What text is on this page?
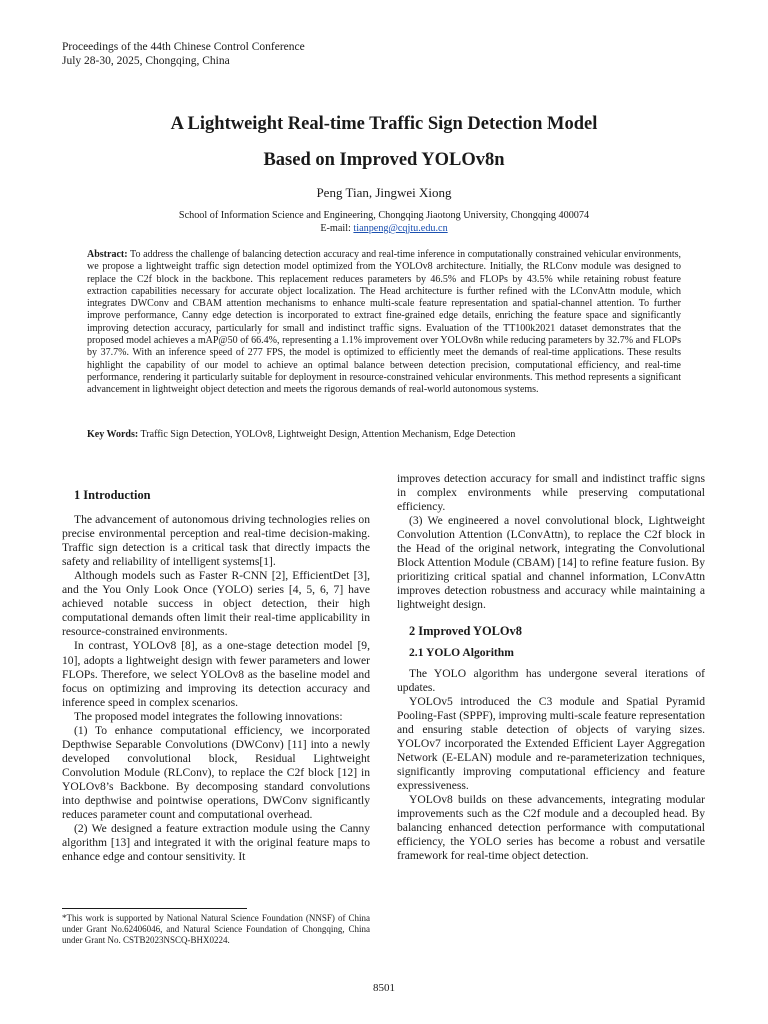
Proceedings of the 44th Chinese Control Conference
July 28-30, 2025, Chongqing, China
A Lightweight Real-time Traffic Sign Detection Model
Based on Improved YOLOv8n
Peng Tian, Jingwei Xiong
School of Information Science and Engineering, Chongqing Jiaotong University, Chongqing 400074
E-mail: tianpeng@cqjtu.edu.cn
Abstract: To address the challenge of balancing detection accuracy and real-time inference in computationally constrained vehicular environments, we propose a lightweight traffic sign detection model optimized from the YOLOv8 architecture. Initially, the RLConv module was designed to replace the C2f block in the backbone. This replacement reduces parameters by 46.5% and FLOPs by 43.5% while retaining robust feature extraction capabilities necessary for accurate object localization. The Head architecture is further refined with the LConvAttn module, which integrates DWConv and CBAM attention mechanisms to enhance multi-scale feature representation and spatial-channel attention. To further improve performance, Canny edge detection is incorporated to extract fine-grained edge details, enriching the feature space and significantly improving detection accuracy, particularly for small and indistinct traffic signs. Evaluation of the TT100k2021 dataset demonstrates that the proposed model achieves a mAP@50 of 66.4%, representing a 1.1% improvement over YOLOv8n while reducing parameters by 32.7% and FLOPs by 37.7%. With an inference speed of 277 FPS, the model is optimized to efficiently meet the demands of real-time applications. These results highlight the capability of our model to achieve an optimal balance between detection precision, computational efficiency, and real-time performance, rendering it particularly suitable for deployment in resource-constrained vehicular environments. This method represents a significant advancement in lightweight object detection and meets the rigorous demands of real-world autonomous systems.
Key Words: Traffic Sign Detection, YOLOv8, Lightweight Design, Attention Mechanism, Edge Detection

1 Introduction

The advancement of autonomous driving technologies relies on precise environmental perception and real-time decision-making. Traffic sign detection is a critical task that directly impacts the safety and reliability of intelligent systems[1].

Although models such as Faster R-CNN [2], EfficientDet [3], and the You Only Look Once (YOLO) series [4, 5, 6, 7] have achieved notable success in object detection, their high computational demands often limit their real-time applicability in resource-constrained environments.

In contrast, YOLOv8 [8], as a one-stage detection model [9, 10], adopts a lightweight design with fewer parameters and lower FLOPs. Therefore, we select YOLOv8 as the baseline model and focus on optimizing and improving its detection accuracy and inference speed in complex scenarios.

The proposed model integrates the following innovations:

(1) To enhance computational efficiency, we incorporated Depthwise Separable Convolutions (DWConv) [11] into a newly developed convolutional block, Residual Lightweight Convolution Module (RLConv), to replace the C2f block [12] in YOLOv8’s Backbone. By decomposing standard convolutions into depthwise and pointwise operations, DWConv significantly reduces parameter count and computational overhead.

(2) We designed a feature extraction module using the Canny algorithm [13] and integrated it with the original feature maps to enhance edge and contour sensitivity. It

improves detection accuracy for small and indistinct traffic signs in complex environments while preserving computational efficiency.

(3) We engineered a novel convolutional block, Lightweight Convolution Attention (LConvAttn), to replace the C2f block in the Head of the original network, integrating the Convolutional Block Attention Module (CBAM) [14] to refine feature fusion. By prioritizing critical spatial and channel information, LConvAttn improves detection robustness and accuracy while maintaining a lightweight design.

2 Improved YOLOv8

2.1 YOLO Algorithm

The YOLO algorithm has undergone several iterations of updates.

YOLOv5 introduced the C3 module and Spatial Pyramid Pooling-Fast (SPPF), improving multi-scale feature representation and ensuring stable detection of objects of varying sizes. YOLOv7 incorporated the Extended Efficient Layer Aggregation Network (E-ELAN) module and re-parameterization techniques, significantly improving computational efficiency and feature expressiveness.

YOLOv8 builds on these advancements, integrating modular improvements such as the C2f module and a decoupled head. By balancing enhanced detection performance with computational efficiency, the YOLO series has become a robust and versatile framework for real-time object detection.

*This work is supported by National Natural Science Foundation (NNSF) of China under Grant No.62406046, and Natural Science Foundation of Chongqing, China under Grant No. CSTB2023NSCQ-BHX0224.
8501
